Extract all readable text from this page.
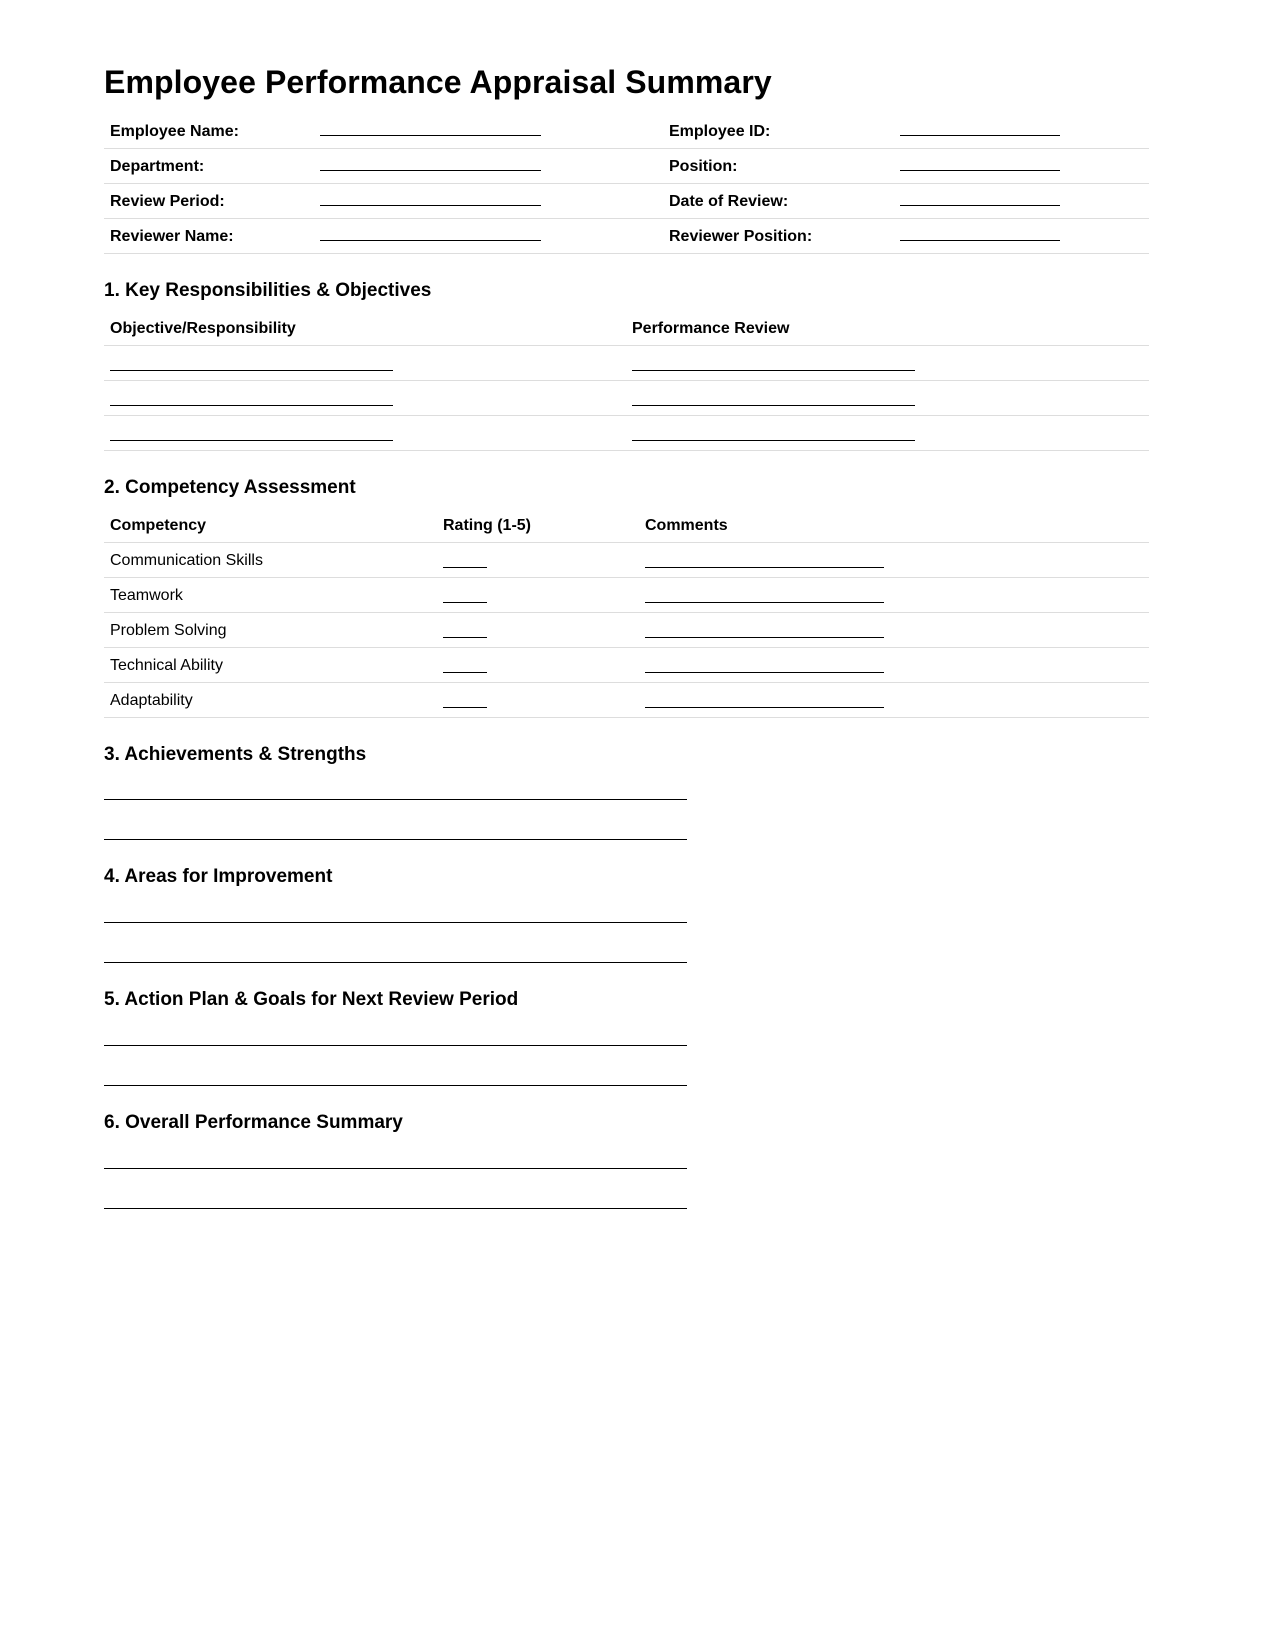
Employee Performance Appraisal Summary
Employee Name:	Employee ID:
Department:	Position:
Review Period:	Date of Review:
Reviewer Name:	Reviewer Position:
1. Key Responsibilities & Objectives
Objective/Responsibility	Performance Review
2. Competency Assessment
Competency	Rating (1-5)	Comments
Communication Skills
Teamwork
Problem Solving
Technical Ability
Adaptability
3. Achievements & Strengths
4. Areas for Improvement
5. Action Plan & Goals for Next Review Period
6. Overall Performance Summary
